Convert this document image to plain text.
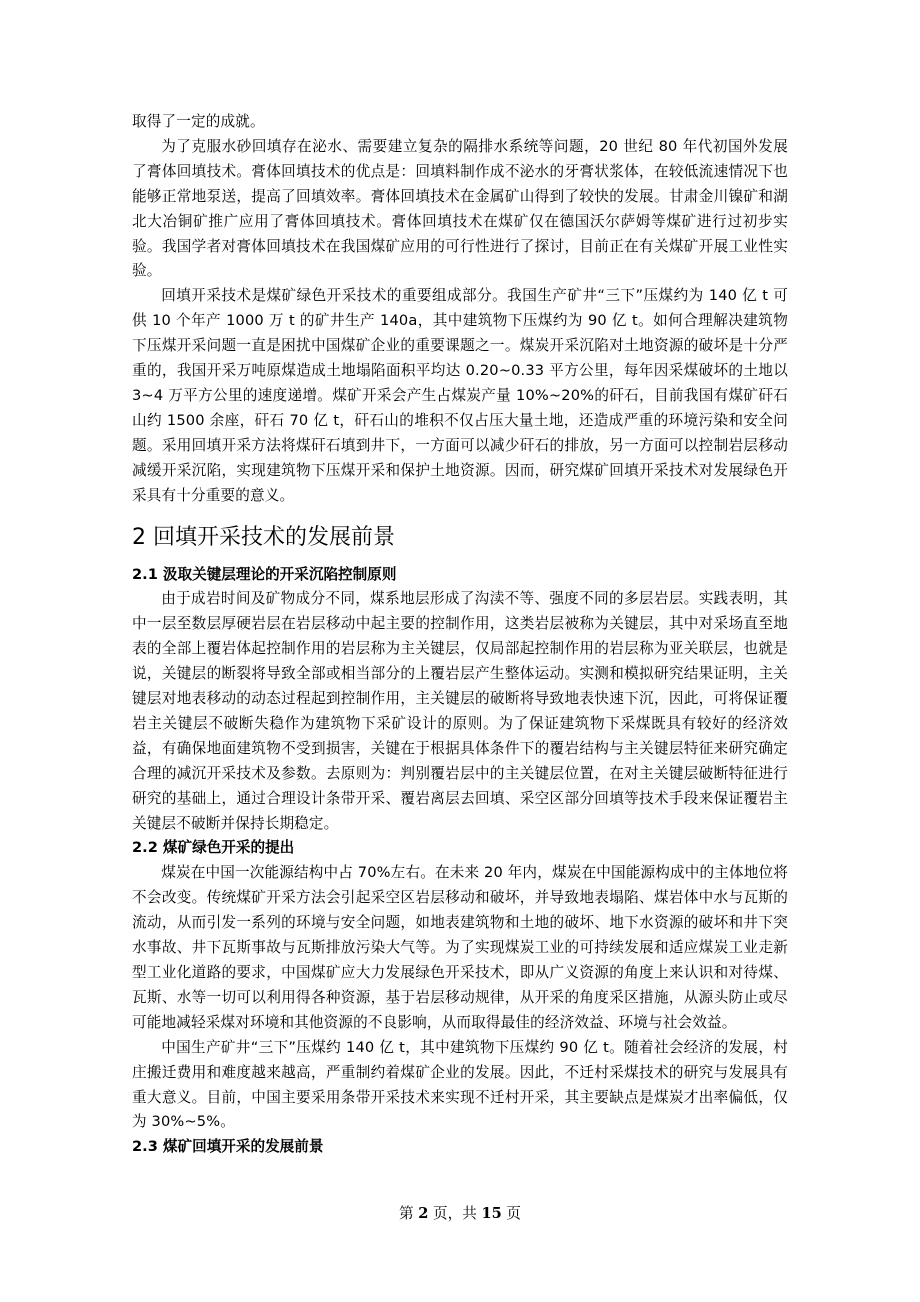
取得了一定的成就。

为了克服水砂回填存在泌水、需要建立复杂的隔排水系统等问题，20 世纪 80 年代初国外发展了膏体回填技术。膏体回填技术的优点是：回填料制作成不泌水的牙膏状浆体，在较低流速情况下也能够正常地泵送，提高了回填效率。膏体回填技术在金属矿山得到了较快的发展。甘肃金川镍矿和湖北大冶铜矿推广应用了膏体回填技术。膏体回填技术在煤矿仅在德国沃尔萨姆等煤矿进行过初步实验。我国学者对膏体回填技术在我国煤矿应用的可行性进行了探讨，目前正在有关煤矿开展工业性实验。

回填开采技术是煤矿绿色开采技术的重要组成部分。我国生产矿井“三下”压煤约为 140 亿 t 可供 10 个年产 1000 万 t 的矿井生产 140a，其中建筑物下压煤约为 90 亿 t。如何合理解决建筑物下压煤开采问题一直是困扰中国煤矿企业的重要课题之一。煤炭开采沉陷对土地资源的破坏是十分严重的，我国开采万吨原煤造成土地塌陷面积平均达 0.20~0.33 平方公里，每年因采煤破坏的土地以 3~4 万平方公里的速度递增。煤矿开采会产生占煤炭产量 10%~20%的矸石，目前我国有煤矿矸石山约 1500 余座，矸石 70 亿 t，矸石山的堆积不仅占压大量土地，还造成严重的环境污染和安全问题。采用回填开采方法将煤矸石填到井下，一方面可以减少矸石的排放，另一方面可以控制岩层移动减缓开采沉陷，实现建筑物下压煤开采和保护土地资源。因而，研究煤矿回填开采技术对发展绿色开采具有十分重要的意义。

2 回填开采技术的发展前景
2.1 汲取关键层理论的开采沉陷控制原则

由于成岩时间及矿物成分不同，煤系地层形成了沟渎不等、强度不同的多层岩层。实践表明，其中一层至数层厚硬岩层在岩层移动中起主要的控制作用，这类岩层被称为关键层，其中对采场直至地表的全部上覆岩体起控制作用的岩层称为主关键层，仅局部起控制作用的岩层称为亚关联层，也就是说，关键层的断裂将导致全部或相当部分的上覆岩层产生整体运动。实测和模拟研究结果证明，主关键层对地表移动的动态过程起到控制作用，主关键层的破断将导致地表快速下沉，因此，可将保证覆岩主关键层不破断失稳作为建筑物下采矿设计的原则。为了保证建筑物下采煤既具有较好的经济效益，有确保地面建筑物不受到损害，关键在于根据具体条件下的覆岩结构与主关键层特征来研究确定合理的减沉开采技术及参数。去原则为：判别覆岩层中的主关键层位置，在对主关键层破断特征进行研究的基础上，通过合理设计条带开采、覆岩离层去回填、采空区部分回填等技术手段来保证覆岩主关键层不破断并保持长期稳定。

2.2 煤矿绿色开采的提出

煤炭在中国一次能源结构中占 70%左右。在未来 20 年内，煤炭在中国能源构成中的主体地位将不会改变。传统煤矿开采方法会引起采空区岩层移动和破坏，并导致地表塌陷、煤岩体中水与瓦斯的流动，从而引发一系列的环境与安全问题，如地表建筑物和土地的破坏、地下水资源的破坏和井下突水事故、井下瓦斯事故与瓦斯排放污染大气等。为了实现煤炭工业的可持续发展和适应煤炭工业走新型工业化道路的要求，中国煤矿应大力发展绿色开采技术，即从广义资源的角度上来认识和对待煤、瓦斯、水等一切可以利用得各种资源，基于岩层移动规律，从开采的角度采区措施，从源头防止或尽可能地减轻采煤对环境和其他资源的不良影响，从而取得最佳的经济效益、环境与社会效益。

中国生产矿井“三下”压煤约 140 亿 t，其中建筑物下压煤约 90 亿 t。随着社会经济的发展，村庄搬迁费用和难度越来越高，严重制约着煤矿企业的发展。因此，不迁村采煤技术的研究与发展具有重大意义。目前，中国主要采用条带开采技术来实现不迁村开采，其主要缺点是煤炭才出率偏低，仅为 30%~5%。

2.3 煤矿回填开采的发展前景
第 2 页，共 15 页
